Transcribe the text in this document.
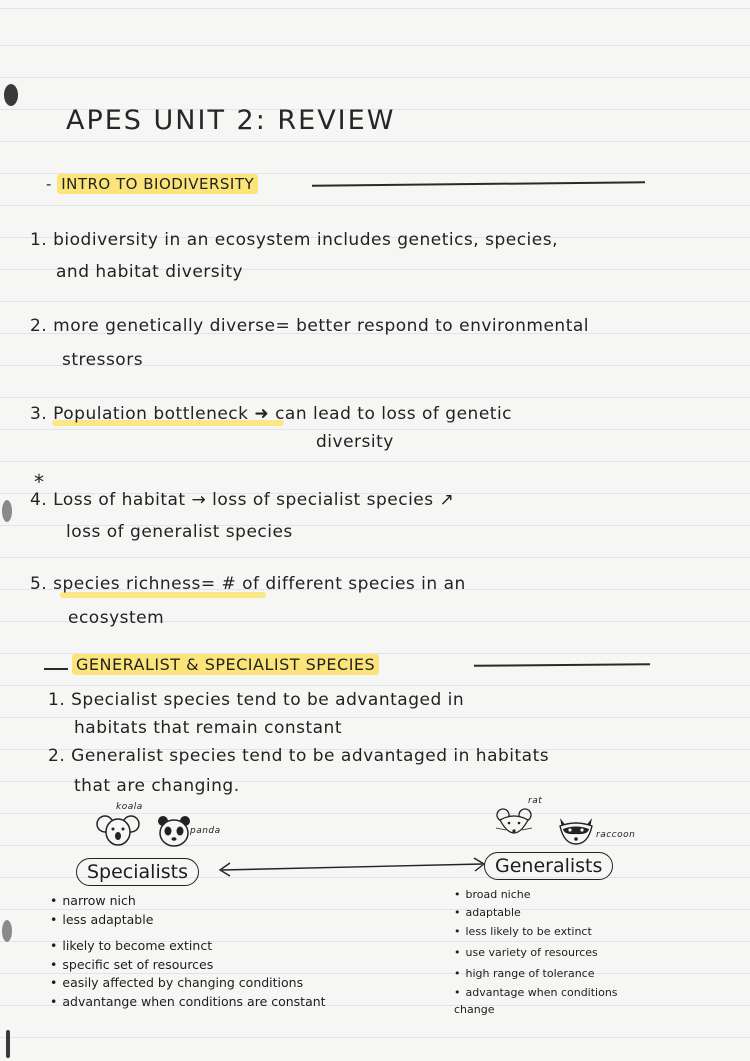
APES UNIT 2: REVIEW
- INTRO TO BIODIVERSITY
1. biodiversity in an ecosystem includes genetics, species,
and habitat diversity
2. more genetically diverse= better respond to environmental
stressors
3. Population bottleneck ➜ can lead to loss of genetic
diversity
*
4. Loss of habitat → loss of specialist species ↗
loss of generalist species
5. species richness= # of different species in an
ecosystem
GENERALIST & SPECIALIST SPECIES
1. Specialist species tend to be advantaged in
habitats that remain constant
2. Generalist species tend to be advantaged in habitats
that are changing.
koala
panda
rat
raccoon
Specialists	Generalists
• narrow nich
• less adaptable
• likely to become extinct
• specific set of resources
• easily affected by changing conditions
• advantange when conditions are constant
• broad niche
• adaptable
• less likely to be extinct
• use variety of resources
• high range of tolerance
• advantage when conditions change
